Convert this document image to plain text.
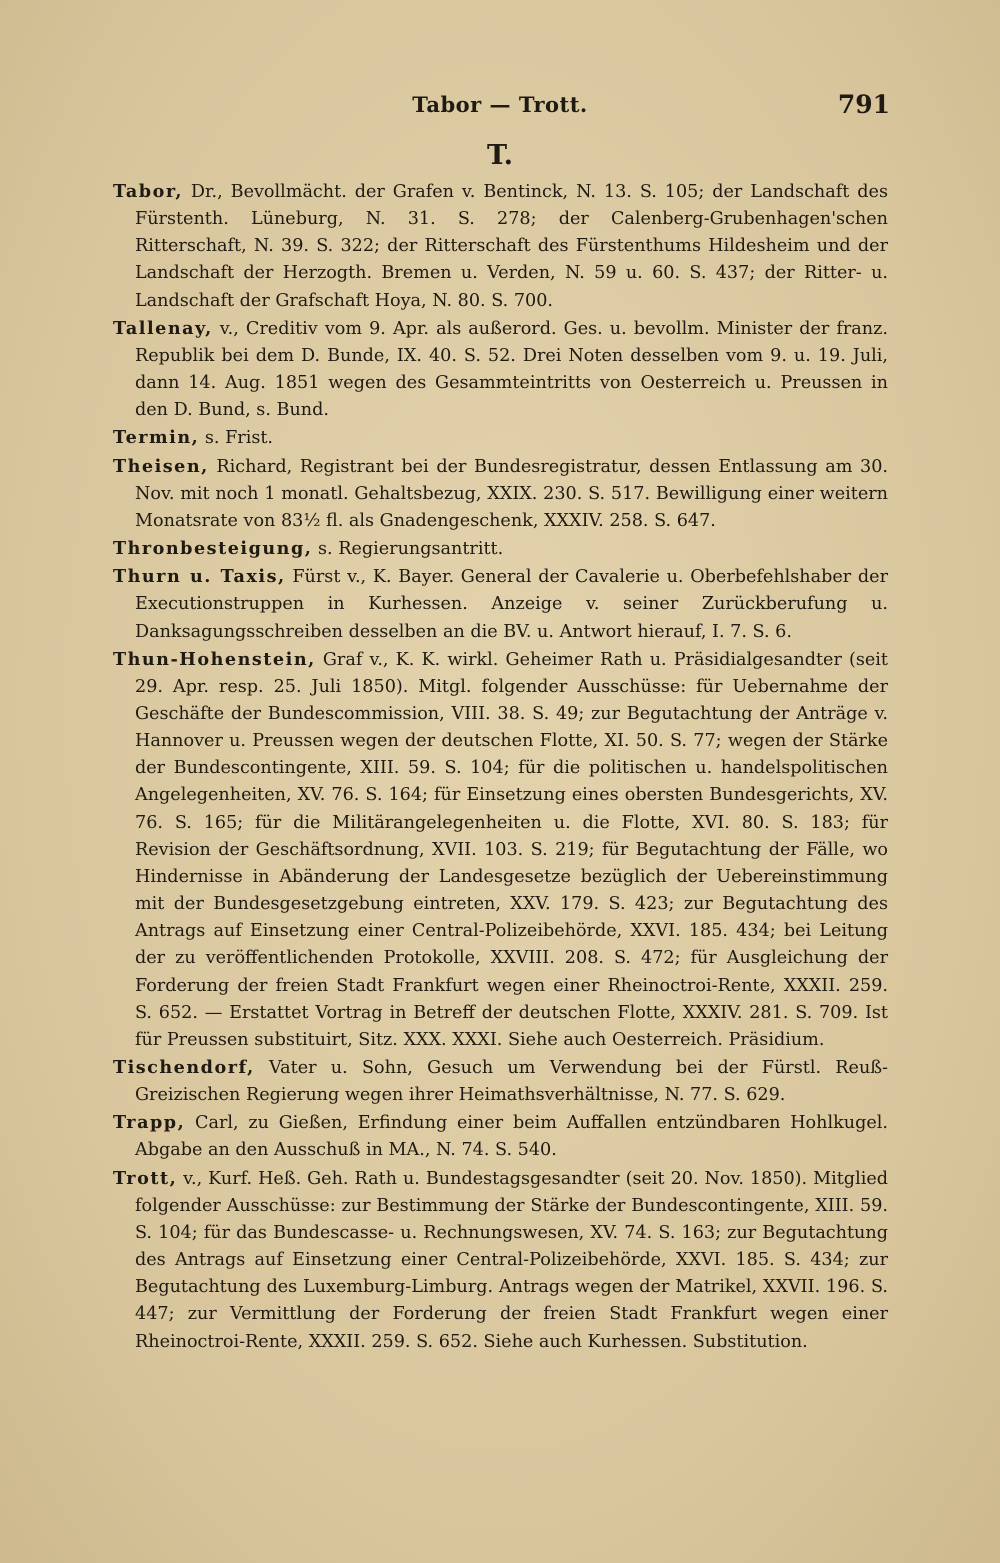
Tabor — Trott.	791
T.

Tabor, Dr., Bevollmächt. der Grafen v. Bentinck, N. 13. S. 105; der Landschaft des Fürstenth. Lüneburg, N. 31. S. 278; der Calenberg-Grubenhagen'schen Ritterschaft, N. 39. S. 322; der Ritterschaft des Fürstenthums Hildesheim und der Landschaft der Herzogth. Bremen u. Verden, N. 59 u. 60. S. 437; der Ritter- u. Landschaft der Grafschaft Hoya, N. 80. S. 700.

Tallenay, v., Creditiv vom 9. Apr. als außerord. Ges. u. bevollm. Minister der franz. Republik bei dem D. Bunde, IX. 40. S. 52. Drei Noten desselben vom 9. u. 19. Juli, dann 14. Aug. 1851 wegen des Gesammteintritts von Oesterreich u. Preussen in den D. Bund, s. Bund.

Termin, s. Frist.

Theisen, Richard, Registrant bei der Bundesregistratur, dessen Entlassung am 30. Nov. mit noch 1 monatl. Gehaltsbezug, XXIX. 230. S. 517. Bewilligung einer weitern Monatsrate von 83½ fl. als Gnadengeschenk, XXXIV. 258. S. 647.

Thronbesteigung, s. Regierungsantritt.

Thurn u. Taxis, Fürst v., K. Bayer. General der Cavalerie u. Oberbefehlshaber der Executionstruppen in Kurhessen. Anzeige v. seiner Zurückberufung u. Danksagungsschreiben desselben an die BV. u. Antwort hierauf, I. 7. S. 6.

Thun-Hohenstein, Graf v., K. K. wirkl. Geheimer Rath u. Präsidialgesandter (seit 29. Apr. resp. 25. Juli 1850). Mitgl. folgender Ausschüsse: für Uebernahme der Geschäfte der Bundescommission, VIII. 38. S. 49; zur Begutachtung der Anträge v. Hannover u. Preussen wegen der deutschen Flotte, XI. 50. S. 77; wegen der Stärke der Bundescontingente, XIII. 59. S. 104; für die politischen u. handelspolitischen Angelegenheiten, XV. 76. S. 164; für Einsetzung eines obersten Bundesgerichts, XV. 76. S. 165; für die Militärangelegenheiten u. die Flotte, XVI. 80. S. 183; für Revision der Geschäftsordnung, XVII. 103. S. 219; für Begutachtung der Fälle, wo Hindernisse in Abänderung der Landesgesetze bezüglich der Uebereinstimmung mit der Bundesgesetzgebung eintreten, XXV. 179. S. 423; zur Begutachtung des Antrags auf Einsetzung einer Central-Polizeibehörde, XXVI. 185. 434; bei Leitung der zu veröffentlichenden Protokolle, XXVIII. 208. S. 472; für Ausgleichung der Forderung der freien Stadt Frankfurt wegen einer Rheinoctroi-Rente, XXXII. 259. S. 652. — Erstattet Vortrag in Betreff der deutschen Flotte, XXXIV. 281. S. 709. Ist für Preussen substituirt, Sitz. XXX. XXXI. Siehe auch Oesterreich. Präsidium.

Tischendorf, Vater u. Sohn, Gesuch um Verwendung bei der Fürstl. Reuß-Greizischen Regierung wegen ihrer Heimathsverhältnisse, N. 77. S. 629.

Trapp, Carl, zu Gießen, Erfindung einer beim Auffallen entzündbaren Hohlkugel. Abgabe an den Ausschuß in MA., N. 74. S. 540.

Trott, v., Kurf. Heß. Geh. Rath u. Bundestagsgesandter (seit 20. Nov. 1850). Mitglied folgender Ausschüsse: zur Bestimmung der Stärke der Bundescontingente, XIII. 59. S. 104; für das Bundescasse- u. Rechnungswesen, XV. 74. S. 163; zur Begutachtung des Antrags auf Einsetzung einer Central-Polizeibehörde, XXVI. 185. S. 434; zur Begutachtung des Luxemburg-Limburg. Antrags wegen der Matrikel, XXVII. 196. S. 447; zur Vermittlung der Forderung der freien Stadt Frankfurt wegen einer Rheinoctroi-Rente, XXXII. 259. S. 652. Siehe auch Kurhessen. Substitution.
